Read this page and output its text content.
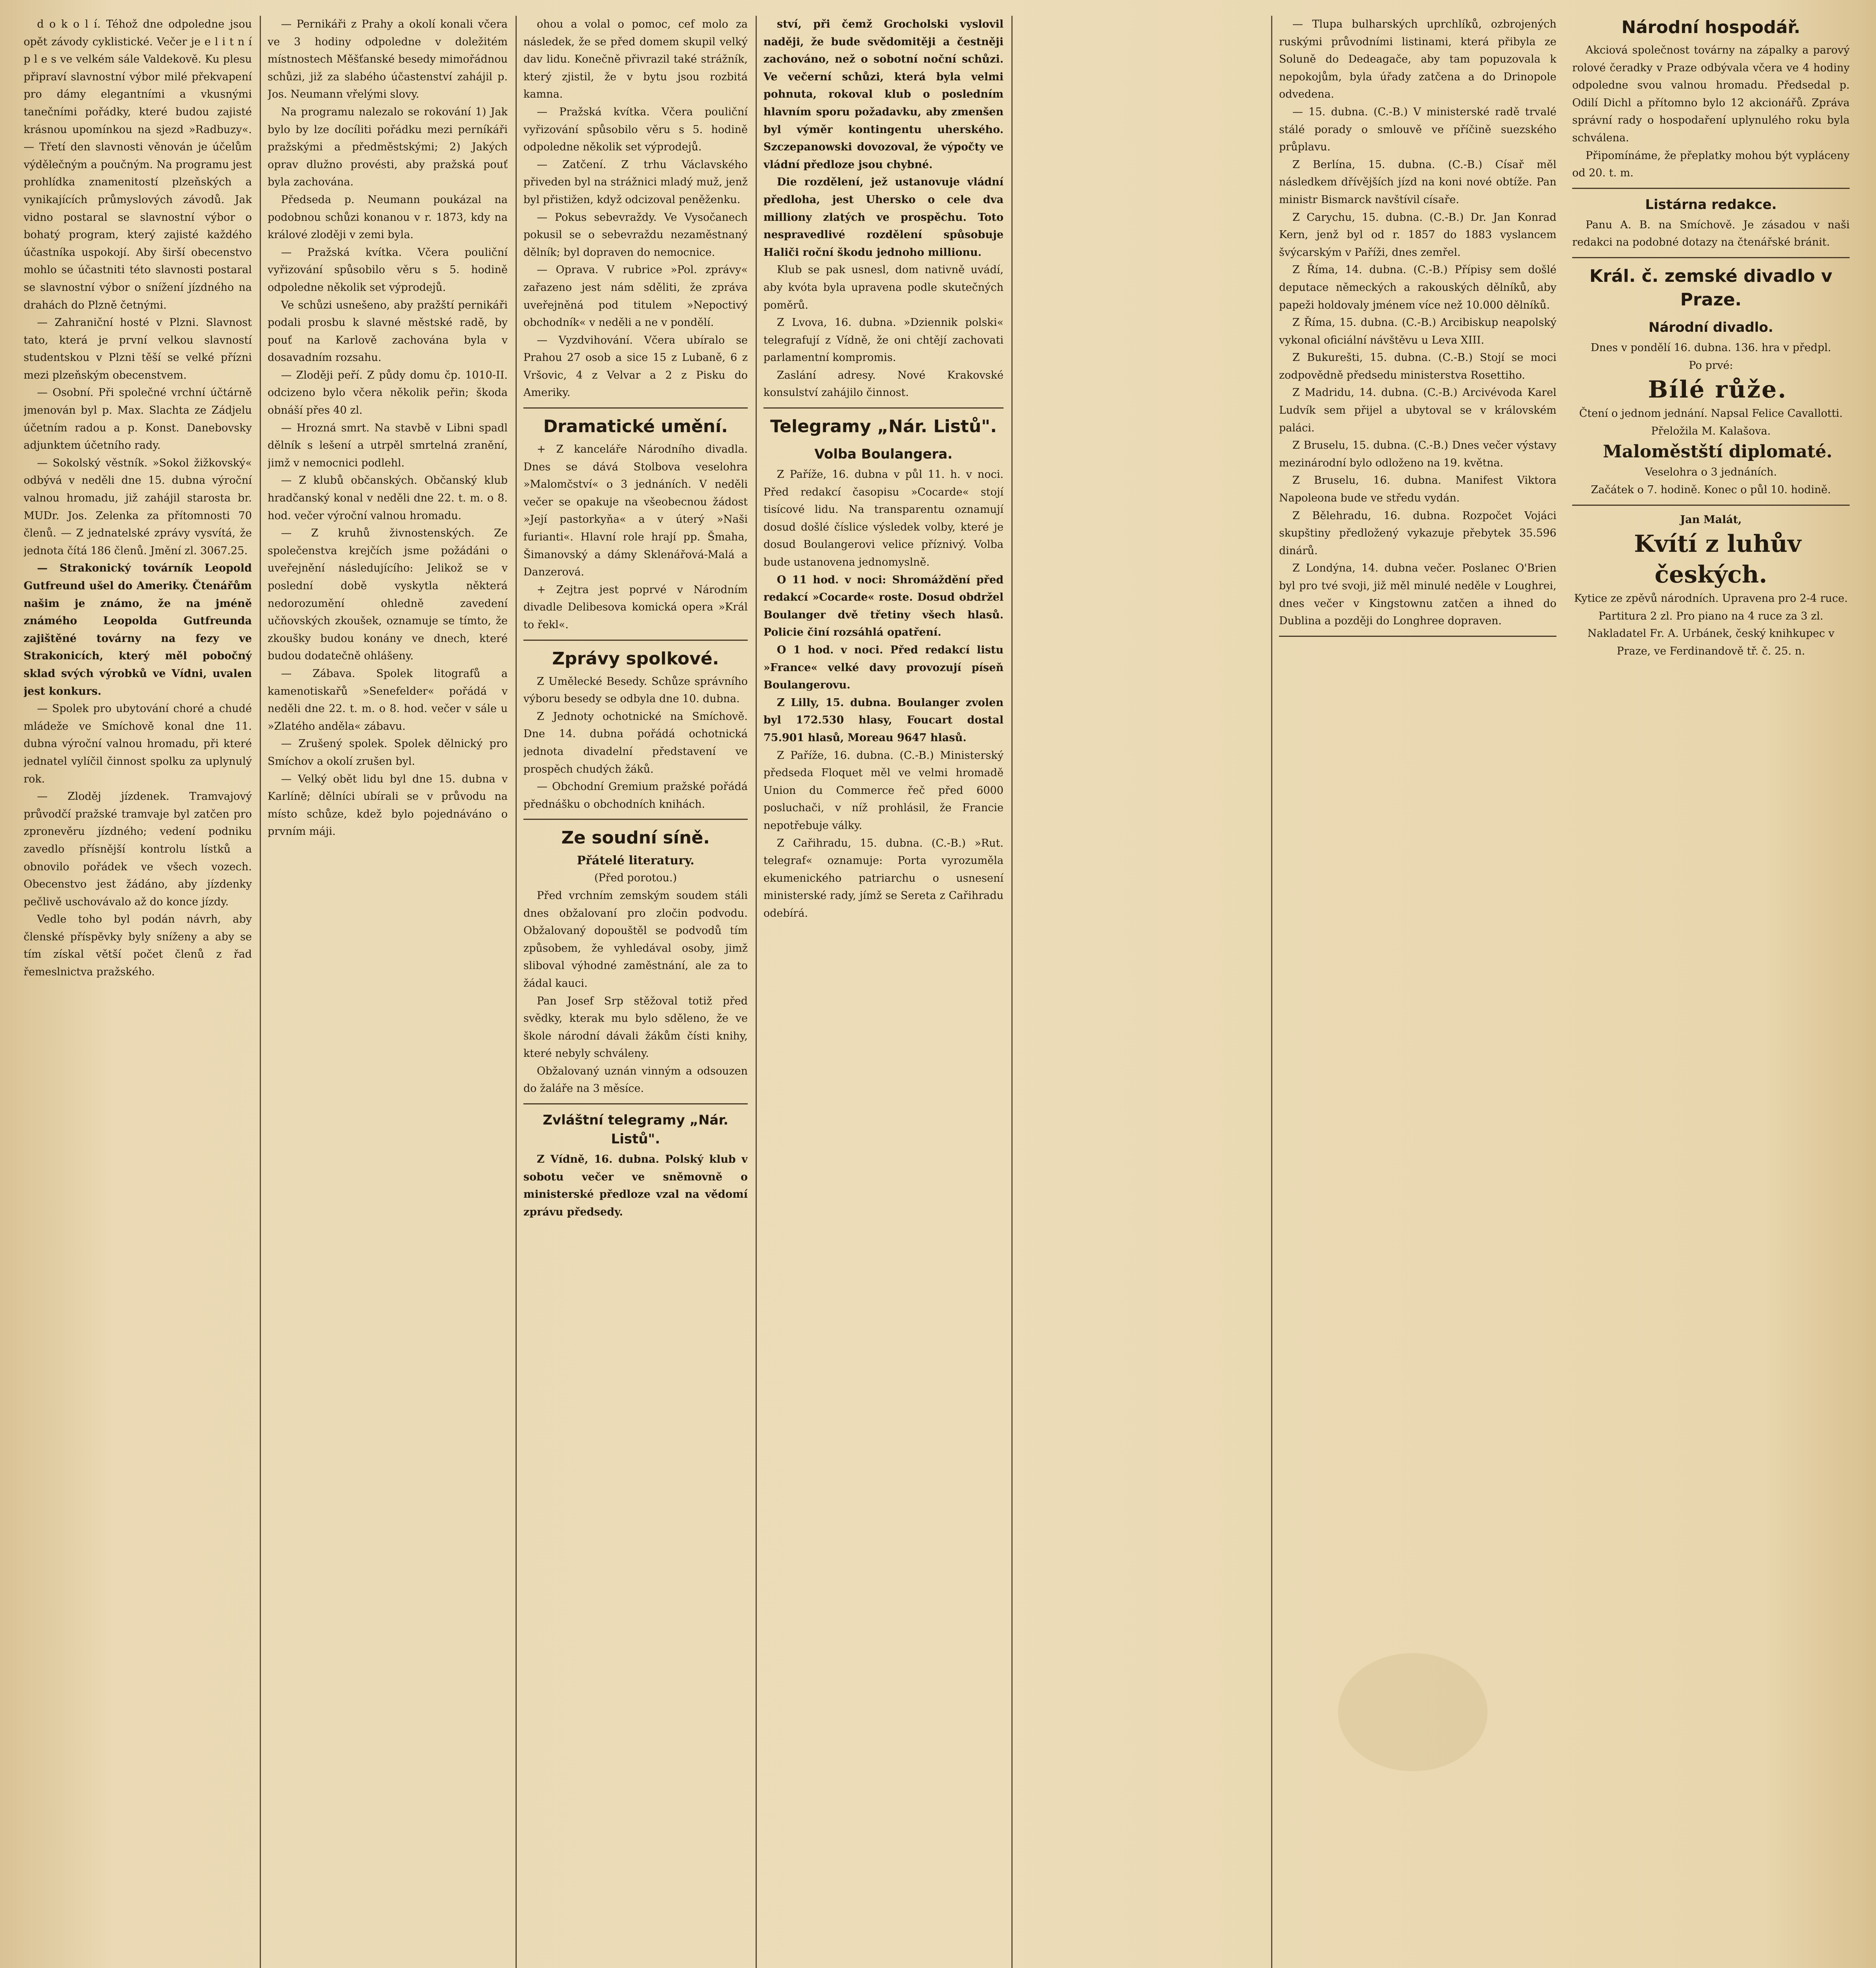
d o k o l í. Téhož dne odpoledne jsou opět závody cyklistické. Večer je e l i t n í p l e s ve velkém sále Valdekově. Ku plesu připraví slavnostní výbor milé překvapení pro dámy elegantními a vkusnými tanečními pořádky, které budou zajisté krásnou upomínkou na sjezd »Radbuzy«. — Třetí den slavnosti věnován je účelům výdělečným a poučným. Na programu jest prohlídka znamenitostí plzeňských a vynikajících průmyslových závodů. Jak vidno postaral se slavnostní výbor o bohatý program, který zajisté každého účastníka uspokojí. Aby širší obecenstvo mohlo se účastniti této slavnosti postaral se slavnostní výbor o snížení jízdného na drahách do Plzně četnými.

— Zahraniční hosté v Plzni. Slavnost tato, která je první velkou slavností studentskou v Plzni těší se velké přízni mezi plzeňským obecenstvem.

— Osobní. Při společné vrchní účtárně jmenován byl p. Max. Slachta ze Zádjelu účetním radou a p. Konst. Danebovsky adjunktem účetního rady.

— Sokolský věstník. »Sokol žižkovský« odbývá v neděli dne 15. dubna výroční valnou hromadu, již zahájil starosta br. MUDr. Jos. Zelenka za přítomnosti 70 členů. — Z jednatelské zprávy vysvítá, že jednota čítá 186 členů. Jmění zl. 3067.25.

— Strakonický továrník Leopold Gutfreund ušel do Ameriky. Čtenářům našim je známo, že na jméně známého Leopolda Gutfreunda zajištěné továrny na fezy ve Strakonicích, který měl pobočný sklad svých výrobků ve Vídni, uvalen jest konkurs.

— Spolek pro ubytování choré a chudé mládeže ve Smíchově konal dne 11. dubna výroční valnou hromadu, při které jednatel vylíčil činnost spolku za uplynulý rok.

— Zloděj jízdenek. Tramvajový průvodčí pražské tramvaje byl zatčen pro zpronevěru jízdného; vedení podniku zavedlo přísnější kontrolu lístků a obnovilo pořádek ve všech vozech. Obecenstvo jest žádáno, aby jízdenky pečlivě uschovávalo až do konce jízdy.

Vedle toho byl podán návrh, aby členské příspěvky byly sníženy a aby se tím získal větší počet členů z řad řemeslnictva pražského.

— Pernikáři z Prahy a okolí konali včera ve 3 hodiny odpoledne v doležitém místnostech Měšťanské besedy mimořádnou schůzi, již za slabého účastenství zahájil p. Jos. Neumann vřelými slovy.

Na programu nalezalo se rokování 1) Jak bylo by lze docíliti pořádku mezi perníkáři pražskými a předměstskými; 2) Jakých oprav dlužno provésti, aby pražská pouť byla zachována.

Předseda p. Neumann poukázal na podobnou schůzi konanou v r. 1873, kdy na králové zloději v zemi byla.

— Pražská kvítka. Včera pouliční vyřizování spůsobilo věru s 5. hodině odpoledne několik set výprodejů.

Ve schůzi usnešeno, aby pražští pernikáři podali prosbu k slavné městské radě, by pouť na Karlově zachována byla v dosavadním rozsahu.

— Zloději peří. Z půdy domu čp. 1010-II. odcizeno bylo včera několik peřin; škoda obnáší přes 40 zl.

— Hrozná smrt. Na stavbě v Libni spadl dělník s lešení a utrpěl smrtelná zranění, jimž v nemocnici podlehl.

— Z klubů občanských. Občanský klub hradčanský konal v neděli dne 22. t. m. o 8. hod. večer výroční valnou hromadu.

— Z kruhů živnostenských. Ze společenstva krejčích jsme požádáni o uveřejnění následujícího: Jelikož se v poslední době vyskytla některá nedorozumění ohledně zavedení učňovských zkoušek, oznamuje se tímto, že zkoušky budou konány ve dnech, které budou dodatečně ohlášeny.

— Zábava. Spolek litografů a kamenotiskařů »Senefelder« pořádá v neděli dne 22. t. m. o 8. hod. večer v sále u »Zlatého anděla« zábavu.

— Zrušený spolek. Spolek dělnický pro Smíchov a okolí zrušen byl.

— Velký obět lidu byl dne 15. dubna v Karlíně; dělníci ubírali se v průvodu na místo schůze, kdež bylo pojednáváno o prvním máji.

ohou a volal o pomoc, cef molo za následek, že se před domem skupil velký dav lidu. Konečně přivrazil také strážník, který zjistil, že v bytu jsou rozbitá kamna.

— Pražská kvítka. Včera pouliční vyřizování spůsobilo věru s 5. hodině odpoledne několik set výprodejů.

— Zatčení. Z trhu Václavského přiveden byl na strážnici mladý muž, jenž byl přistižen, když odcizoval peněženku.

— Pokus sebevraždy. Ve Vysočanech pokusil se o sebevraždu nezaměstnaný dělník; byl dopraven do nemocnice.

— Oprava. V rubrice »Pol. zprávy« zařazeno jest nám sděliti, že zpráva uveřejněná pod titulem »Nepoctivý obchodník« v neděli a ne v pondělí.

— Vyzdvihování. Včera ubíralo se Prahou 27 osob a sice 15 z Lubaně, 6 z Vršovic, 4 z Velvar a 2 z Pisku do Ameriky.

Dramatické umění.

+ Z kanceláře Národního divadla. Dnes se dává Stolbova veselohra »Malomčství« o 3 jednáních. V neděli večer se opakuje na všeobecnou žádost »Její pastorkyňa« a v úterý »Naši furianti«. Hlavní role hrají pp. Šmaha, Šimanovský a dámy Sklenářová-Malá a Danzerová.

+ Zejtra jest poprvé v Národním divadle Delibesova komická opera »Král to řekl«.

Zprávy spolkové.

Z Umělecké Besedy. Schůze správního výboru besedy se odbyla dne 10. dubna.

Z Jednoty ochotnické na Smíchově. Dne 14. dubna pořádá ochotnická jednota divadelní představení ve prospěch chudých žáků.

— Obchodní Gremium pražské pořádá přednášku o obchodních knihách.

Ze soudní síně.
Přátelé literatury.

(Před porotou.)

Před vrchním zemským soudem stáli dnes obžalovaní pro zločin podvodu. Obžalovaný dopouštěl se podvodů tím způsobem, že vyhledával osoby, jimž sliboval výhodné zaměstnání, ale za to žádal kauci.

Pan Josef Srp stěžoval totiž před svědky, kterak mu bylo sděleno, že ve škole národní dávali žákům čísti knihy, které nebyly schváleny.

Obžalovaný uznán vinným a odsouzen do žaláře na 3 měsíce.

Zvláštní telegramy „Nár. Listů".

Z Vídně, 16. dubna. Polský klub v sobotu večer ve sněmovně o ministerské předloze vzal na vědomí zprávu předsedy.

ství, při čemž Grocholski vyslovil naději, že bude svědomitěji a čestněji zachováno, než o sobotní noční schůzi. Ve večerní schůzi, která byla velmi pohnuta, rokoval klub o posledním hlavním sporu požadavku, aby zmenšen byl výměr kontingentu uherského. Szczepanowski dovozoval, že výpočty ve vládní předloze jsou chybné.

Die rozdělení, jež ustanovuje vládní předloha, jest Uhersko o cele dva milliony zlatých ve prospěchu. Toto nespravedlivé rozdělení spůsobuje Haliči roční škodu jednoho millionu.

Klub se pak usnesl, dom nativně uvádí, aby kvóta byla upravena podle skutečných poměrů.

Z Lvova, 16. dubna. »Dziennik polski« telegrafují z Vídně, že oni chtějí zachovati parlamentní kompromis.

Zaslání adresy. Nové Krakovské konsulství zahájilo činnost.

Telegramy „Nár. Listů".
Volba Boulangera.

Z Paříže, 16. dubna v půl 11. h. v noci. Před redakcí časopisu »Cocarde« stojí tisícové lidu. Na transparentu oznamují dosud došlé číslice výsledek volby, které je dosud Boulangerovi velice příznivý. Volba bude ustanovena jednomyslně.

O 11 hod. v noci: Shromáždění před redakcí »Cocarde« roste. Dosud obdržel Boulanger dvě třetiny všech hlasů. Policie činí rozsáhlá opatření.

O 1 hod. v noci. Před redakcí listu »France« velké davy provozují píseň Boulangerovu.

Z Lilly, 15. dubna. Boulanger zvolen byl 172.530 hlasy, Foucart dostal 75.901 hlasů, Moreau 9647 hlasů.

Z Paříže, 16. dubna. (C.-B.) Ministerský předseda Floquet měl ve velmi hromadě Union du Commerce řeč před 6000 posluchači, v níž prohlásil, že Francie nepotřebuje války.

Z Cařihradu, 15. dubna. (C.-B.) »Rut. telegraf« oznamuje: Porta vyrozuměla ekumenického patriarchu o usnesení ministerské rady, jímž se Sereta z Cařihradu odebírá.

— Tlupa bulharských uprchlíků, ozbrojených ruskými průvodními listinami, která přibyla ze Soluně do Dedeagače, aby tam popuzovala k nepokojům, byla úřady zatčena a do Drinopole odvedena.

— 15. dubna. (C.-B.) V ministerské radě trvalé stálé porady o smlouvě ve příčině suezského průplavu.

Z Berlína, 15. dubna. (C.-B.) Císař měl následkem dřívějších jízd na koni nové obtíže. Pan ministr Bismarck navštívil císaře.

Z Carychu, 15. dubna. (C.-B.) Dr. Jan Konrad Kern, jenž byl od r. 1857 do 1883 vyslancem švýcarským v Paříži, dnes zemřel.

Z Říma, 14. dubna. (C.-B.) Přípisy sem došlé deputace německých a rakouských dělníků, aby papeži holdovaly jménem více než 10.000 dělníků.

Z Říma, 15. dubna. (C.-B.) Arcibiskup neapolský vykonal oficiální návštěvu u Leva XIII.

Z Bukurešti, 15. dubna. (C.-B.) Stojí se moci zodpovědně předsedu ministerstva Rosettiho.

Z Madridu, 14. dubna. (C.-B.) Arcivévoda Karel Ludvík sem přijel a ubytoval se v královském paláci.

Z Bruselu, 15. dubna. (C.-B.) Dnes večer výstavy mezinárodní bylo odloženo na 19. května.

Z Bruselu, 16. dubna. Manifest Viktora Napoleona bude ve středu vydán.

Z Bělehradu, 16. dubna. Rozpočet Vojáci skupštiny předložený vykazuje přebytek 35.596 dinárů.

Z Londýna, 14. dubna večer. Poslanec O'Brien byl pro tvé svoji, již měl minulé neděle v Loughrei, dnes večer v Kingstownu zatčen a ihned do Dublina a později do Longhree dopraven.

Národní hospodář.

Akciová společnost továrny na zápalky a parový rolové čeradky v Praze odbývala včera ve 4 hodiny odpoledne svou valnou hromadu. Předsedal p. Odilí Dichl a přítomno bylo 12 akcionářů. Zpráva správní rady o hospodaření uplynulého roku byla schválena.

Připomínáme, že přeplatky mohou být vypláceny od 20. t. m.

Listárna redakce.

Panu A. B. na Smíchově. Je zásadou v naši redakci na podobné dotazy na čtenářské bránit.

Král. č. zemské divadlo v Praze.
Národní divadlo.

Dnes v pondělí 16. dubna. 136. hra v předpl.

Po prvé:

Bílé růže.

Čtení o jednom jednání. Napsal Felice Cavallotti. Přeložila M. Kalašova.

Maloměstští diplomaté.

Veselohra o 3 jednáních.

Začátek o 7. hodině. Konec o půl 10. hodině.

Jan Malát,

Kvítí z luhův českých.

Kytice ze zpěvů národních. Upravena pro 2-4 ruce. Partitura 2 zl. Pro piano na 4 ruce za 3 zl.

Nakladatel Fr. A. Urbánek, český knihkupec v Praze, ve Ferdinandově tř. č. 25. n.
